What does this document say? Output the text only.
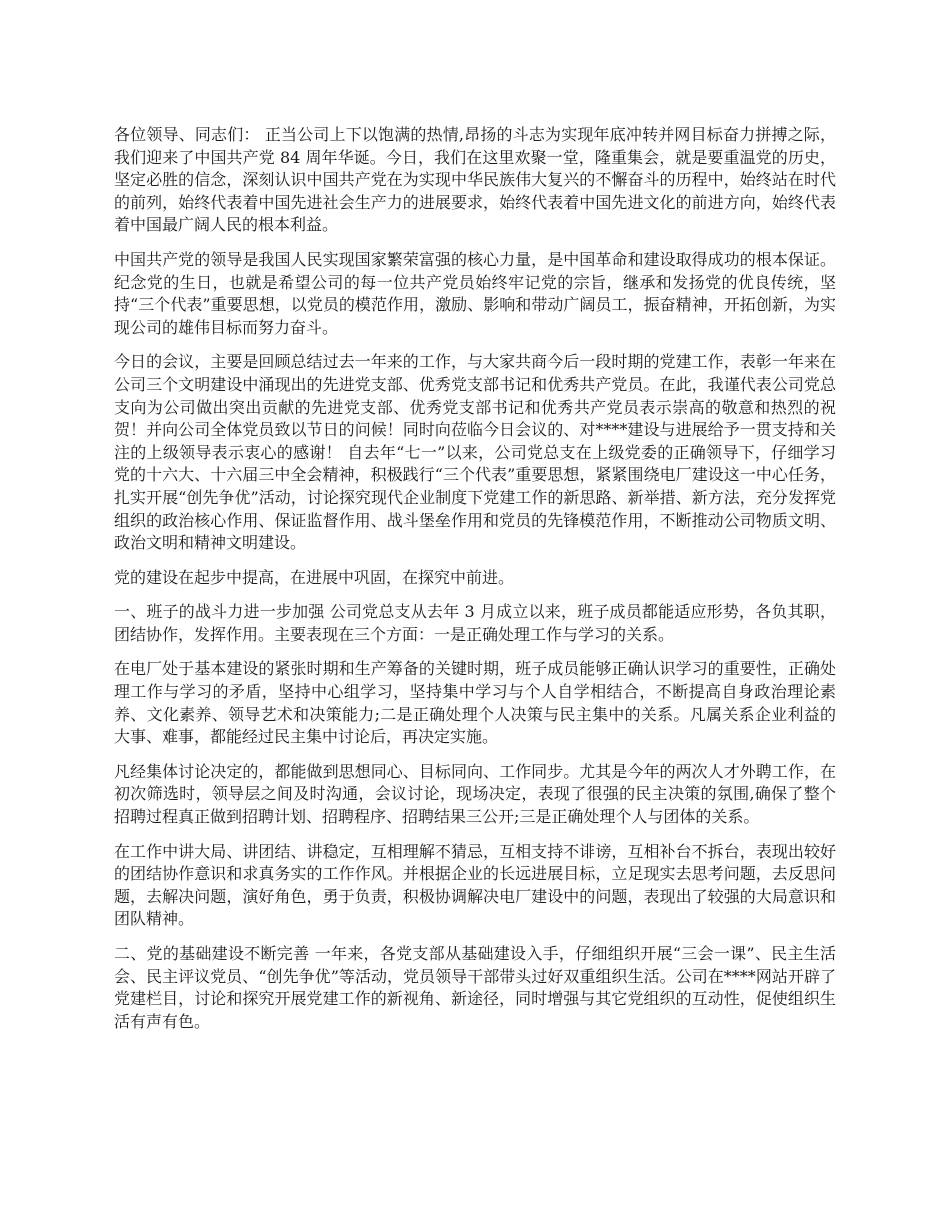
各位领导、同志们： 正当公司上下以饱满的热情,昂扬的斗志为实现年底冲转并网目标奋力拼搏之际，我们迎来了中国共产党 84 周年华诞。今日，我们在这里欢聚一堂，隆重集会，就是要重温党的历史，坚定必胜的信念，深刻认识中国共产党在为实现中华民族伟大复兴的不懈奋斗的历程中，始终站在时代的前列，始终代表着中国先进社会生产力的进展要求，始终代表着中国先进文化的前进方向，始终代表着中国最广阔人民的根本利益。

中国共产党的领导是我国人民实现国家繁荣富强的核心力量，是中国革命和建设取得成功的根本保证。纪念党的生日，也就是希望公司的每一位共产党员始终牢记党的宗旨，继承和发扬党的优良传统，坚持“三个代表”重要思想，以党员的模范作用，激励、影响和带动广阔员工，振奋精神，开拓创新，为实现公司的雄伟目标而努力奋斗。

今日的会议，主要是回顾总结过去一年来的工作，与大家共商今后一段时期的党建工作，表彰一年来在公司三个文明建设中涌现出的先进党支部、优秀党支部书记和优秀共产党员。在此，我谨代表公司党总支向为公司做出突出贡献的先进党支部、优秀党支部书记和优秀共产党员表示崇高的敬意和热烈的祝贺！并向公司全体党员致以节日的问候！同时向莅临今日会议的、对****建设与进展给予一贯支持和关注的上级领导表示衷心的感谢！ 自去年“七一”以来，公司党总支在上级党委的正确领导下，仔细学习党的十六大、十六届三中全会精神，积极践行“三个代表”重要思想，紧紧围绕电厂建设这一中心任务，扎实开展“创先争优”活动，讨论探究现代企业制度下党建工作的新思路、新举措、新方法，充分发挥党组织的政治核心作用、保证监督作用、战斗堡垒作用和党员的先锋模范作用，不断推动公司物质文明、政治文明和精神文明建设。

党的建设在起步中提高，在进展中巩固，在探究中前进。

一、班子的战斗力进一步加强 公司党总支从去年 3 月成立以来，班子成员都能适应形势，各负其职，团结协作，发挥作用。主要表现在三个方面：一是正确处理工作与学习的关系。

在电厂处于基本建设的紧张时期和生产筹备的关键时期，班子成员能够正确认识学习的重要性，正确处理工作与学习的矛盾，坚持中心组学习，坚持集中学习与个人自学相结合，不断提高自身政治理论素养、文化素养、领导艺术和决策能力;二是正确处理个人决策与民主集中的关系。凡属关系企业利益的大事、难事，都能经过民主集中讨论后，再决定实施。

凡经集体讨论决定的，都能做到思想同心、目标同向、工作同步。尤其是今年的两次人才外聘工作，在初次筛选时，领导层之间及时沟通，会议讨论，现场决定，表现了很强的民主决策的氛围,确保了整个招聘过程真正做到招聘计划、招聘程序、招聘结果三公开;三是正确处理个人与团体的关系。

在工作中讲大局、讲团结、讲稳定，互相理解不猜忌，互相支持不诽谤，互相补台不拆台，表现出较好的团结协作意识和求真务实的工作作风。并根据企业的长远进展目标，立足现实去思考问题，去反思问题，去解决问题，演好角色，勇于负责，积极协调解决电厂建设中的问题，表现出了较强的大局意识和团队精神。

二、党的基础建设不断完善 一年来，各党支部从基础建设入手，仔细组织开展“三会一课”、民主生活会、民主评议党员、“创先争优”等活动，党员领导干部带头过好双重组织生活。公司在****网站开辟了党建栏目，讨论和探究开展党建工作的新视角、新途径，同时增强与其它党组织的互动性，促使组织生活有声有色。
